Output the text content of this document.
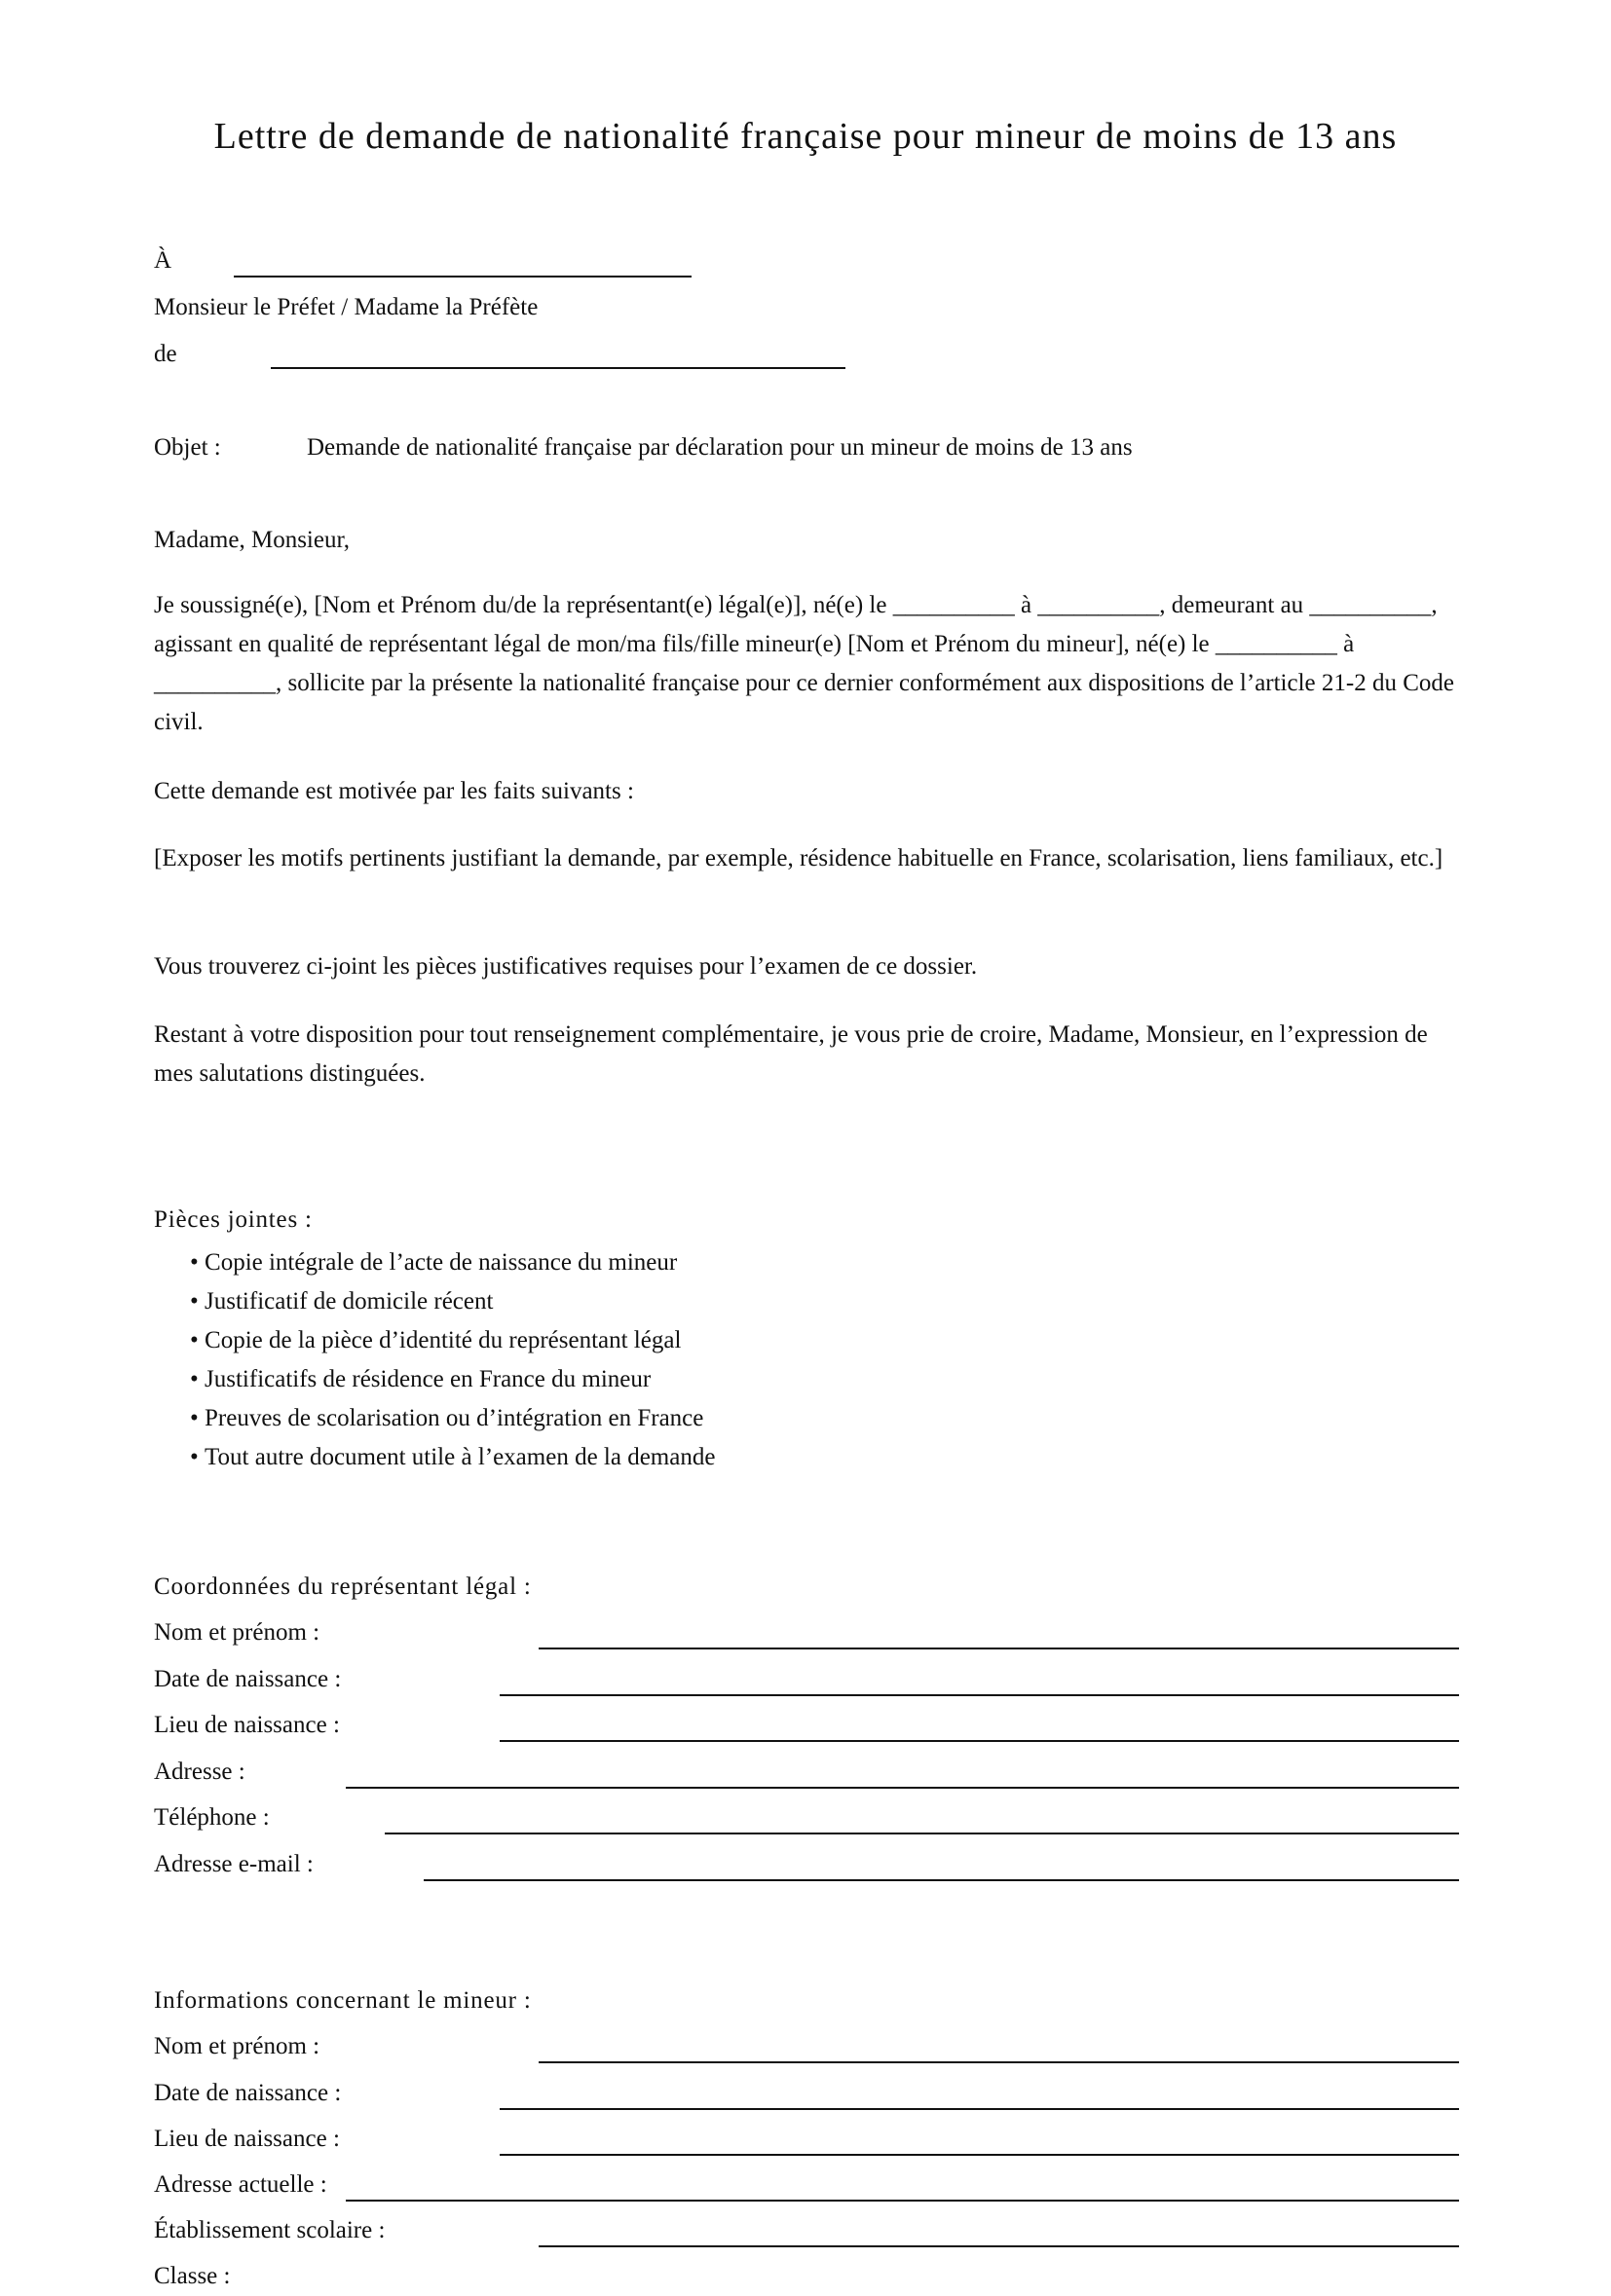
Lettre de demande de nationalité française pour mineur de moins de 13 ans
À
Monsieur le Préfet / Madame la Préfète
de
Objet :	Demande de nationalité française par déclaration pour un mineur de moins de 13 ans
Madame, Monsieur,
Je soussigné(e), [Nom et Prénom du/de la représentant(e) légal(e)], né(e) le __________ à __________, demeurant au __________, agissant en qualité de représentant légal de mon/ma fils/fille mineur(e) [Nom et Prénom du mineur], né(e) le __________ à __________, sollicite par la présente la nationalité française pour ce dernier conformément aux dispositions de l’article 21-2 du Code civil.
Cette demande est motivée par les faits suivants :
[Exposer les motifs pertinents justifiant la demande, par exemple, résidence habituelle en France, scolarisation, liens familiaux, etc.]
Vous trouverez ci-joint les pièces justificatives requises pour l’examen de ce dossier.
Restant à votre disposition pour tout renseignement complémentaire, je vous prie de croire, Madame, Monsieur, en l’expression de mes salutations distinguées.
Pièces jointes :
• Copie intégrale de l’acte de naissance du mineur
• Justificatif de domicile récent
• Copie de la pièce d’identité du représentant légal
• Justificatifs de résidence en France du mineur
• Preuves de scolarisation ou d’intégration en France
• Tout autre document utile à l’examen de la demande
Coordonnées du représentant légal :
Nom et prénom :
Date de naissance :
Lieu de naissance :
Adresse :
Téléphone :
Adresse e-mail :
Informations concernant le mineur :
Nom et prénom :
Date de naissance :
Lieu de naissance :
Adresse actuelle :
Établissement scolaire :
Classe :
